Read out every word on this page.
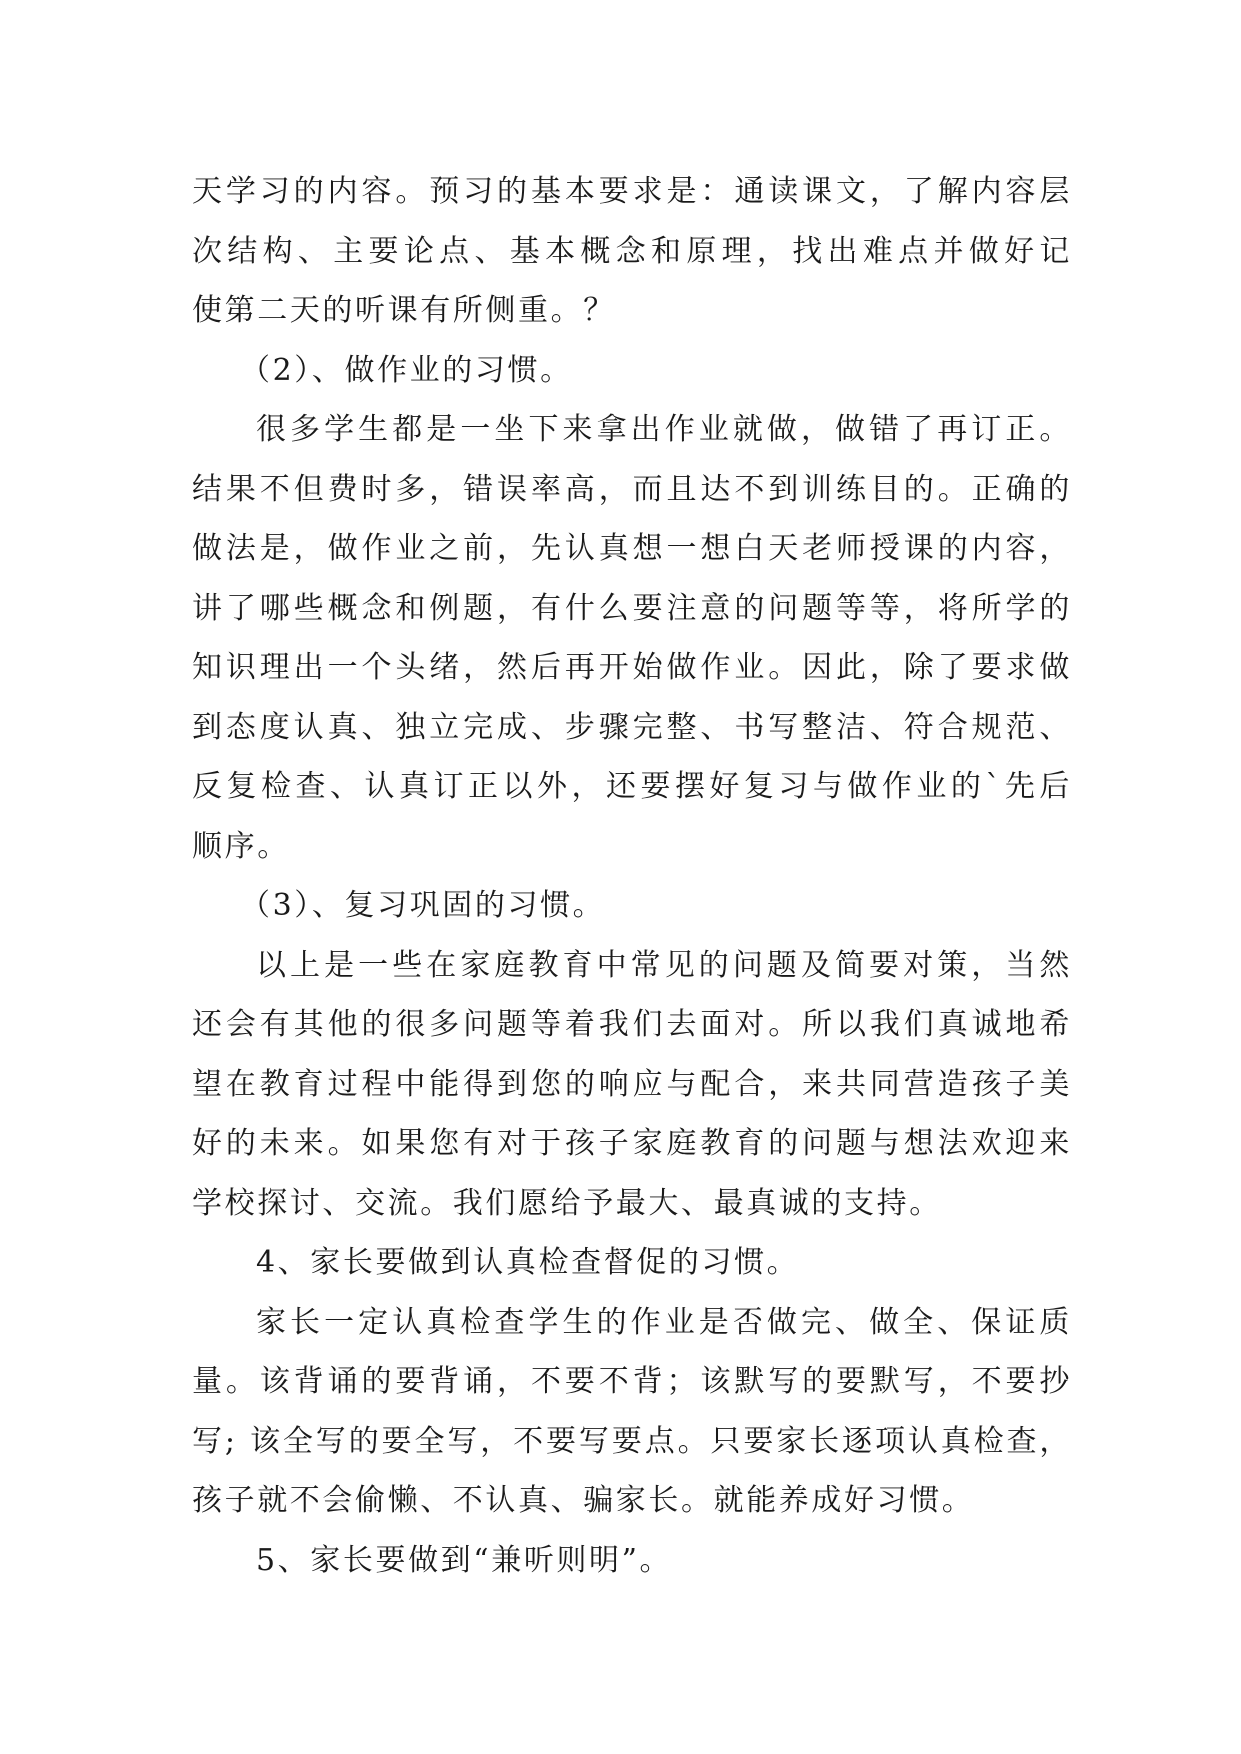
天学习的内容。预习的基本要求是：通读课文，了解内容层
次结构、主要论点、基本概念和原理，找出难点并做好记
使第二天的听课有所侧重。？
（2）、做作业的习惯。
很多学生都是一坐下来拿出作业就做，做错了再订正。
结果不但费时多，错误率高，而且达不到训练目的。正确的
做法是，做作业之前，先认真想一想白天老师授课的内容，
讲了哪些概念和例题，有什么要注意的问题等等，将所学的
知识理出一个头绪，然后再开始做作业。因此，除了要求做
到态度认真、独立完成、步骤完整、书写整洁、符合规范、
反复检查、认真订正以外，还要摆好复习与做作业的`先后
顺序。
（3）、复习巩固的习惯。
以上是一些在家庭教育中常见的问题及简要对策，当然
还会有其他的很多问题等着我们去面对。所以我们真诚地希
望在教育过程中能得到您的响应与配合，来共同营造孩子美
好的未来。如果您有对于孩子家庭教育的问题与想法欢迎来
学校探讨、交流。我们愿给予最大、最真诚的支持。
4、家长要做到认真检查督促的习惯。
家长一定认真检查学生的作业是否做完、做全、保证质
量。该背诵的要背诵，不要不背；该默写的要默写，不要抄
写; 该全写的要全写，不要写要点。只要家长逐项认真检查，
孩子就不会偷懒、不认真、骗家长。就能养成好习惯。
5、家长要做到“兼听则明”。
